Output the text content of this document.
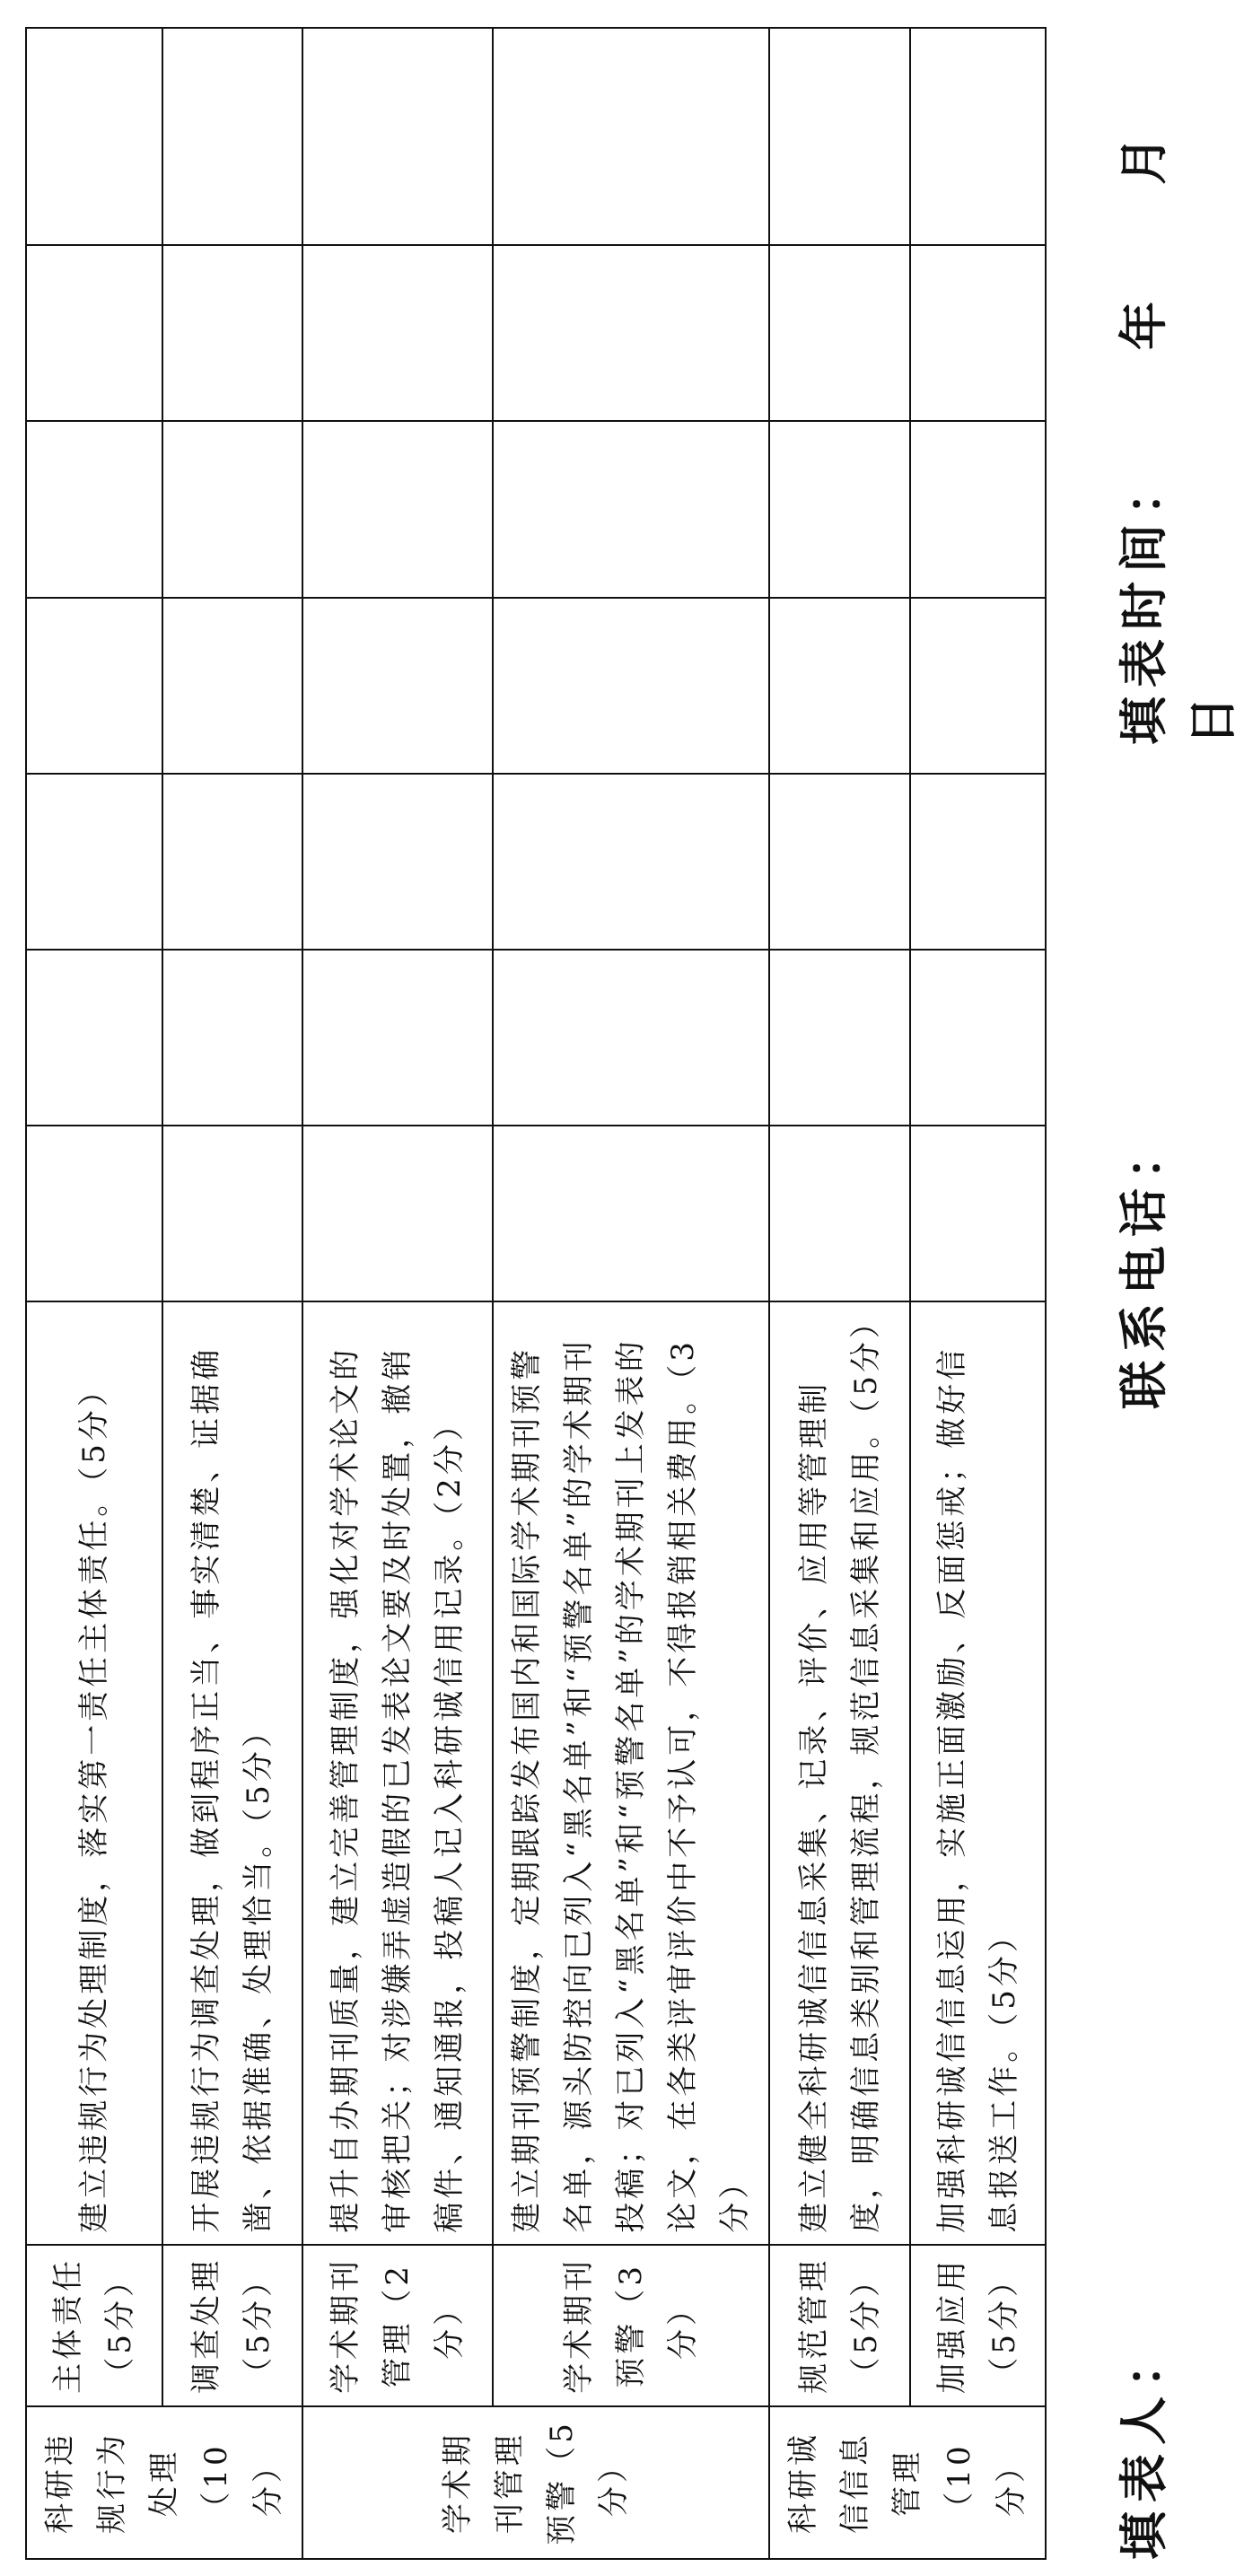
科研违规行为处理（10分）	主体责任（5分）	建立违规行为处理制度，落实第一责任主体责任。（5分）							
	调查处理（5分）	开展违规行为调查处理，做到程序正当、事实清楚、证据确凿、依据准确、处理恰当。（5分）							
学术期刊管理预警（5分）	学术期刊管理（2分）	提升自办期刊质量，建立完善管理制度，强化对学术论文的审核把关；对涉嫌弄虚造假的已发表论文要及时处置，撤销稿件、通知通报，投稿人记入科研诚信用记录。（2分）							
	学术期刊预警（3分）	建立期刊预警制度，定期跟踪发布国内和国际学术期刊预警名单，源头防控向已列入“黑名单”和“预警名单”的学术期刊投稿；对已列入“黑名单”和“预警名单”的学术期刊上发表的论文，在各类评审评价中不予认可，不得报销相关费用。（3分）							
科研诚信信息管理（10分）	规范管理（5分）	建立健全科研诚信信息采集、记录、评价、应用等管理制度，明确信息类别和管理流程，规范信息采集和应用。（5分）							
	加强应用（5分）	加强科研诚信信息运用，实施正面激励、反面惩戒；做好信息报送工作。（5分）							
填表人：
联系电话：
填表时间：年月日
